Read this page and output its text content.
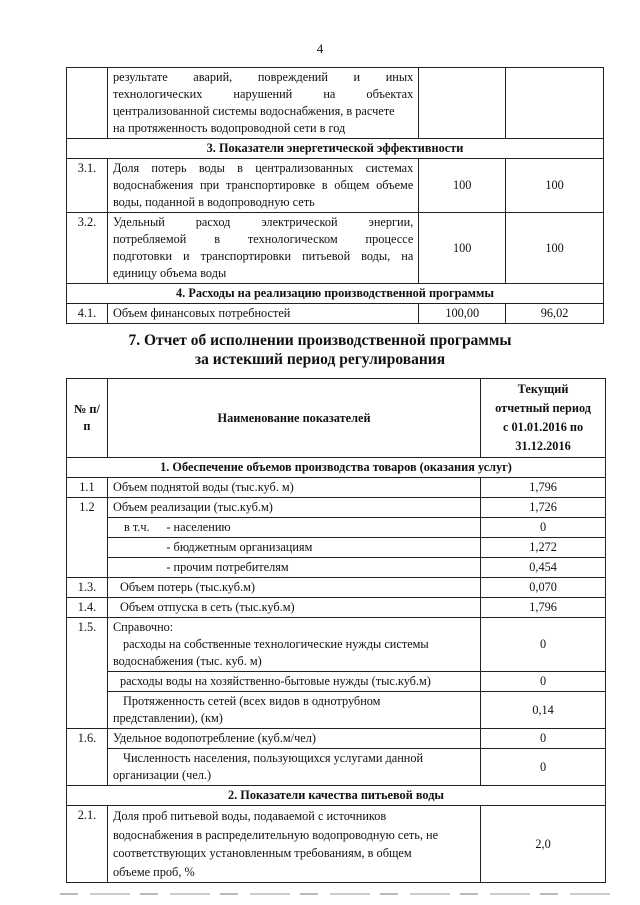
4

	результате аварий, повреждений и иных
технологических нарушений на объектах
централизованной системы водоснабжения, в расчете
на протяженность водопроводной сети в год		

3. Показатели энергетической эффективности			
3.1.	Доля потерь воды в централизованных системах
водоснабжения при транспортировке в общем объеме
воды, поданной в водопроводную сеть	100	100
3.2.	Удельный расход электрической энергии,
потребляемой в технологическом процессе
подготовки и транспортировки питьевой воды, на
единицу объема воды	100	100
4. Расходы на реализацию производственной программы			
4.1.	Объем финансовых потребностей	100,00	96,02
7. Отчет об исполнении производственной программы
за истекший период регулирования
№ п/п	Наименование показателей		Текущий
отчетный период
с 01.01.2016 по
31.12.2016

1. Обеспечение объемов производства товаров (оказания услуг)			
1.1	Объем поднятой воды (тыс.куб. м)		1,796
1.2	Объем реализации (тыс.куб.м)		1,726
	в т.ч.	- населению	0
		- бюджетным организациям	1,272
		- прочим потребителям	0,454
1.3.	Объем потерь (тыс.куб.м)		0,070
1.4.	Объем отпуска в сеть (тыс.куб.м)		1,796
1.5.	Справочно:
расходы на собственные технологические нужды системы
водоснабжения (тыс. куб. м)		0
	расходы воды на хозяйственно-бытовые нужды (тыс.куб.м)		0

	Протяженность сетей (всех видов в однотрубном
представлении), (км)		0,14
1.6.	Удельное водопотребление (куб.м/чел)		0

	Численность населения, пользующихся услугами данной
организации (чел.)		0
2. Показатели качества питьевой воды			
2.1.	Доля проб питьевой воды, подаваемой с источников
водоснабжения в распределительную водопроводную сеть, не
соответствующих установленным требованиям, в общем
объеме проб, %		2,0
